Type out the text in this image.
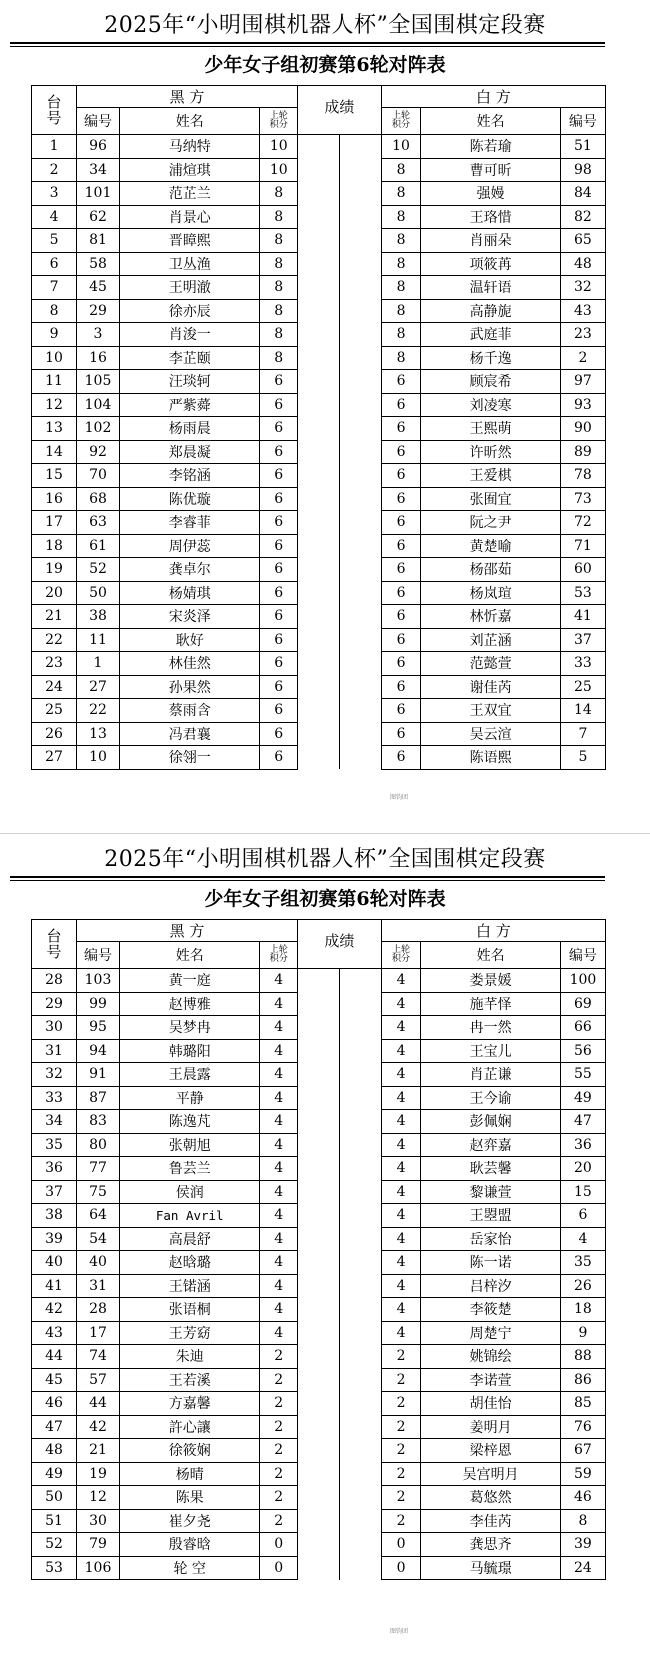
2025年“小明围棋机器人杯”全国围棋定段赛
少年女子组初赛第6轮对阵表
台号	黑 方			成绩		白 方		
	编号	姓名	上轮积分			上轮积分	姓名	编号
1	96	马纳特	10			10	陈若瑜	51
2	34	浦煊琪	10			8	曹可昕	98
3	101	范芷兰	8			8	强嫚	84
4	62	肖景心	8			8	王珞惜	82
5	81	晋瞕熙	8			8	肖丽朵	65
6	58	卫丛渔	8			8	项筱苒	48
7	45	王明澈	8			8	温轩语	32
8	29	徐亦辰	8			8	高静旎	43
9	3	肖浚一	8			8	武庭菲	23
10	16	李芷颐	8			8	杨千逸	2
11	105	汪琰轲	6			6	顾宸希	97
12	104	严紫蕣	6			6	刘凌寒	93
13	102	杨雨晨	6			6	王熙萌	90
14	92	郑晨凝	6			6	许昕然	89
15	70	李铭涵	6			6	王爱棋	78
16	68	陈优璇	6			6	张囿宜	73
17	63	李睿菲	6			6	阮之尹	72
18	61	周伊蕊	6			6	黄楚喻	71
19	52	龚卓尔	6			6	杨邵茹	60
20	50	杨婧琪	6			6	杨岚瑄	53
21	38	宋炎泽	6			6	林忻嘉	41
22	11	耿好	6			6	刘芷涵	37
23	1	林佳然	6			6	范懿萱	33
24	27	孙果然	6			6	谢佳芮	25
25	22	蔡雨含	6			6	王双宜	14
26	13	冯君襄	6			6	吴云渲	7
27	10	徐翎一	6			6	陈语熙	5
图钧团
2025年“小明围棋机器人杯”全国围棋定段赛
少年女子组初赛第6轮对阵表
台号	黑 方			成绩		白 方		
	编号	姓名	上轮积分			上轮积分	姓名	编号
28	103	黄一庭	4			4	娄景媛	100
29	99	赵博雅	4			4	施芊怿	69
30	95	吴梦冉	4			4	冉一然	66
31	94	韩璐阳	4			4	王宝儿	56
32	91	王晨露	4			4	肖芷谦	55
33	87	平静	4			4	王今谕	49
34	83	陈逸芃	4			4	彭佩娴	47
35	80	张朝旭	4			4	赵弈嘉	36
36	77	鲁芸兰	4			4	耿芸馨	20
37	75	侯润	4			4	黎谦萱	15
38	64	Fan Avril	4			4	王曌盟	6
39	54	高晨舒	4			4	岳家怡	4
40	40	赵晗璐	4			4	陈一诺	35
41	31	王锘涵	4			4	吕梓汐	26
42	28	张语桐	4			4	李筱楚	18
43	17	王芳窈	4			4	周楚宁	9
44	74	朱迪	2			2	姚锦绘	88
45	57	王若溪	2			2	李诺萱	86
46	44	方嘉馨	2			2	胡佳怡	85
47	42	許心讓	2			2	姜明月	76
48	21	徐筱娴	2			2	梁梓恩	67
49	19	杨晴	2			2	吴宫明月	59
50	12	陈果	2			2	葛悠然	46
51	30	崔夕尧	2			2	李佳芮	8
52	79	殷睿晗	0			0	龚思齐	39
53	106	轮 空	0			0	马毓璟	24
图钧团
